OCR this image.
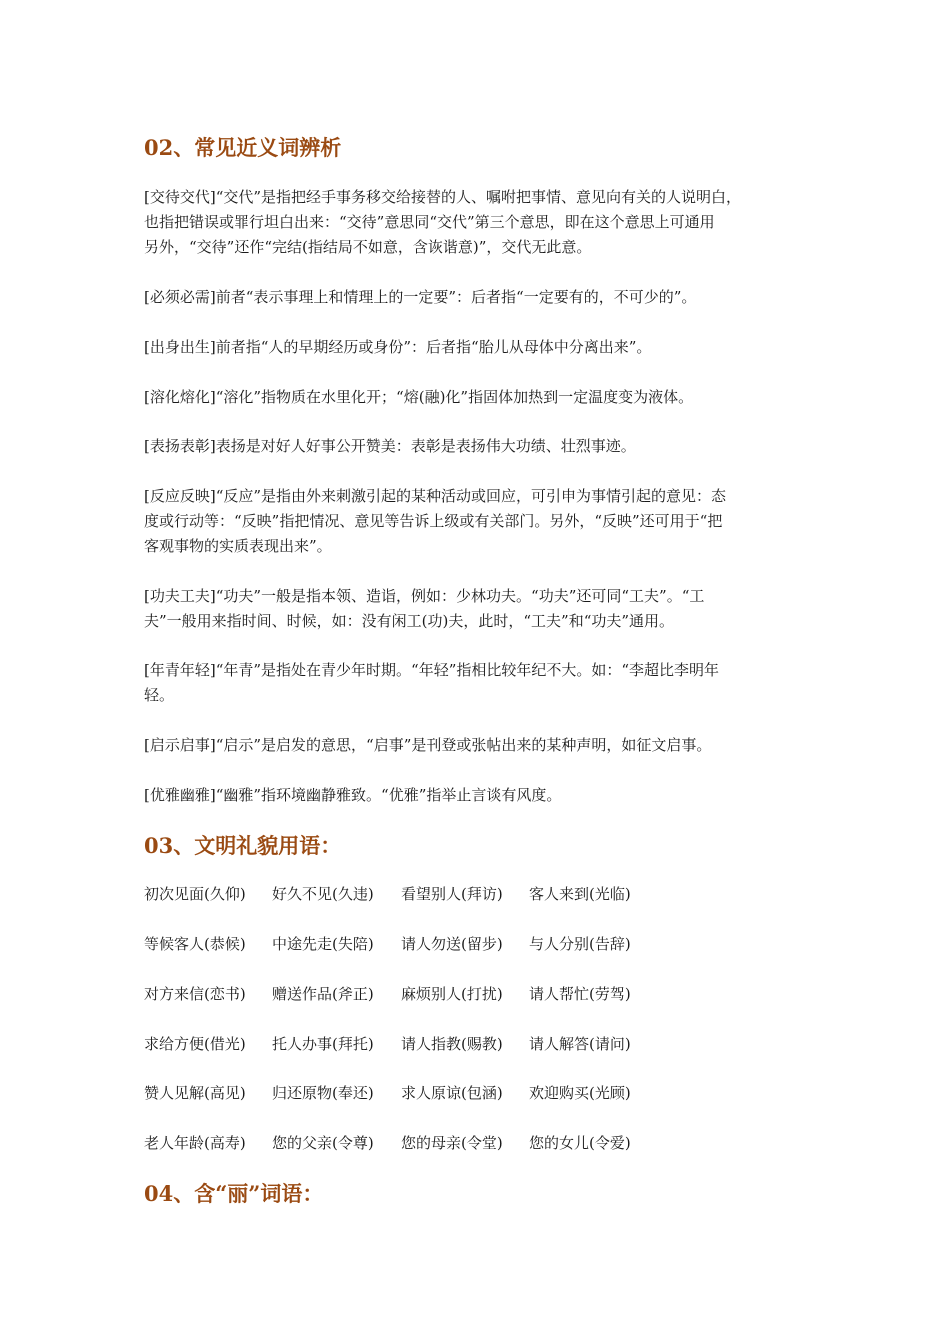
02、常见近义词辨析
[交待交代]“交代”是指把经手事务移交给接替的人、嘱咐把事情、意见向有关的人说明白，
也指把错误或罪行坦白出来：“交待”意思同“交代”第三个意思，即在这个意思上可通用
另外，“交待”还作“完结(指结局不如意，含诙谐意)”，交代无此意。
[必须必需]前者“表示事理上和情理上的一定要”：后者指“一定要有的，不可少的”。
[出身出生]前者指“人的早期经历或身份”：后者指“胎儿从母体中分离出来”。
[溶化熔化]“溶化”指物质在水里化开；“熔(融)化”指固体加热到一定温度变为液体。
[表扬表彰]表扬是对好人好事公开赞美：表彰是表扬伟大功绩、壮烈事迹。
[反应反映]“反应”是指由外来刺激引起的某种活动或回应，可引申为事情引起的意见：态
度或行动等：“反映”指把情况、意见等告诉上级或有关部门。另外，“反映”还可用于“把
客观事物的实质表现出来”。
[功夫工夫]“功夫”一般是指本领、造诣，例如：少林功夫。“功夫”还可同“工夫”。“工
夫”一般用来指时间、时候，如：没有闲工(功)夫，此时，“工夫”和“功夫”通用。
[年青年轻]“年青”是指处在青少年时期。“年轻”指相比较年纪不大。如：“李超比李明年
轻。
[启示启事]“启示”是启发的意思，“启事”是刊登或张帖出来的某种声明，如征文启事。
[优雅幽雅]“幽雅”指环境幽静雅致。“优雅”指举止言谈有风度。
03、文明礼貌用语：
初次见面(久仰) 好久不见(久违) 看望别人(拜访) 客人来到(光临)
等候客人(恭候) 中途先走(失陪) 请人勿送(留步) 与人分别(告辞)
对方来信(恋书) 赠送作品(斧正) 麻烦别人(打扰) 请人帮忙(劳驾)
求给方便(借光) 托人办事(拜托) 请人指教(赐教) 请人解答(请问)
赞人见解(高见) 归还原物(奉还) 求人原谅(包涵) 欢迎购买(光顾)
老人年龄(高寿) 您的父亲(令尊) 您的母亲(令堂) 您的女儿(令爱)
04、含“丽”词语：
